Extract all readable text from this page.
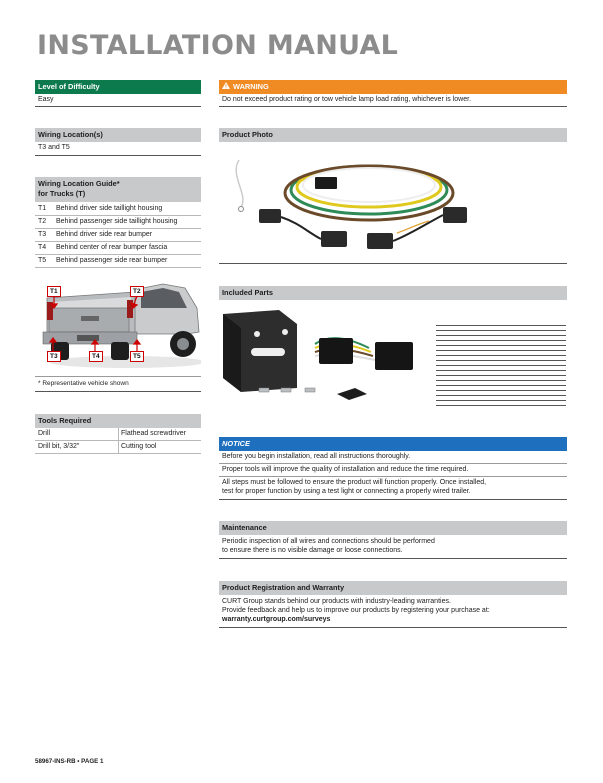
INSTALLATION MANUAL
Level of Difficulty
Easy
Wiring Location(s)
T3 and T5
Wiring Location Guide*
for Trucks (T)
T1 Behind driver side taillight housing
T2 Behind passenger side taillight housing
T3 Behind driver side rear bumper
T4 Behind center of rear bumper fascia
T5 Behind passenger side rear bumper
T1	T2
T3	T4	T5
* Representative vehicle shown
Tools Required
Drill	Flathead screwdriver
Drill bit, 3/32"	Cutting tool
WARNING
Do not exceed product rating or tow vehicle lamp load rating, whichever is lower.
Product Photo
Included Parts
NOTICE
Before you begin installation, read all instructions thoroughly.
Proper tools will improve the quality of installation and reduce the time required.
All steps must be followed to ensure the product will function properly. Once installed,
test for proper function by using a test light or connecting a properly wired trailer.
Maintenance
Periodic inspection of all wires and connections should be performed
to ensure there is no visible damage or loose connections.
Product Registration and Warranty
CURT Group stands behind our products with industry-leading warranties.
Provide feedback and help us to improve our products by registering your purchase at:
warranty.curtgroup.com/surveys
58967-INS-RB • PAGE 1
